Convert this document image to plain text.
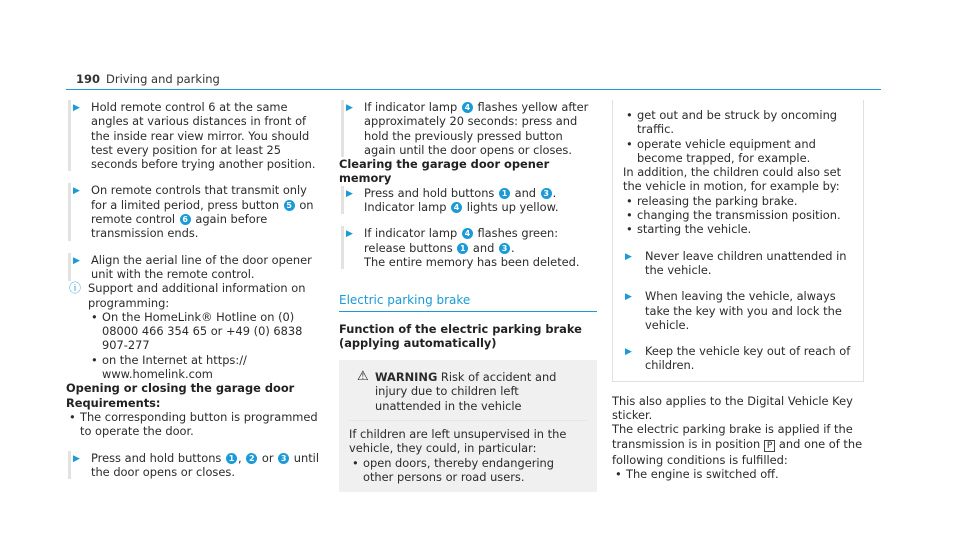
190 Driving and parking
▶ Hold remote control 6 at the same angles at various distances in front of the inside rear view mirror. You should test every position for at least 25 seconds before trying another position.
▶ On remote controls that transmit only for a limited period, press button 5 on remote control 6 again before transmission ends.
▶ Align the aerial line of the door opener unit with the remote control.
ⓘ Support and additional information on programming:
• On the HomeLink® Hotline on (0) 08000 466 354 65 or +49 (0) 6838 907-277
• on the Internet at https:// www.homelink.com
Opening or closing the garage door
Requirements:
• The corresponding button is programmed to operate the door.
▶ Press and hold buttons 1 , 2 or 3 until the door opens or closes.
▶ If indicator lamp 4 flashes yellow after approximately 20 seconds: press and hold the previously pressed button again until the door opens or closes.
Clearing the garage door opener memory
▶ Press and hold buttons 1 and 3 .
Indicator lamp 4 lights up yellow.
▶ If indicator lamp 4 flashes green: release buttons 1 and 3 .
The entire memory has been deleted.
Electric parking brake
Function of the electric parking brake (applying automatically)
⚠ WARNING Risk of accident and injury due to children left unattended in the vehicle
If children are left unsupervised in the vehicle, they could, in particular:
• open doors, thereby endangering other persons or road users.
• get out and be struck by oncoming traffic.
• operate vehicle equipment and become trapped, for example.
In addition, the children could also set the vehicle in motion, for example by:
• releasing the parking brake.
• changing the transmission position.
• starting the vehicle.
▶ Never leave children unattended in the vehicle.
▶ When leaving the vehicle, always take the key with you and lock the vehicle.
▶ Keep the vehicle key out of reach of children.
This also applies to the Digital Vehicle Key sticker.
The electric parking brake is applied if the transmission is in position P and one of the following conditions is fulfilled:
• The engine is switched off.
